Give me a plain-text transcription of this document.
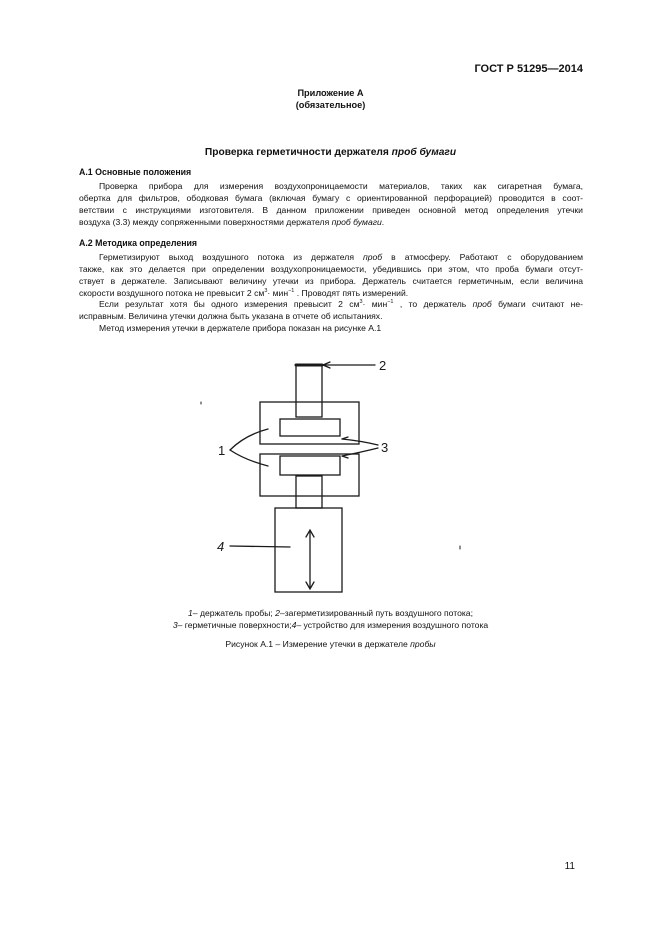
ГОСТ Р 51295—2014
Приложение А
(обязательное)
Проверка герметичности держателя проб бумаги
А.1 Основные положения
Проверка прибора для измерения воздухопроницаемости материалов, таких как сигаретная бумага,
обертка для фильтров, ободковая бумага (включая бумагу с ориентированной перфорацией) проводится в соот-
ветствии с инструкциями изготовителя. В данном приложении приведен основной метод определения утечки
воздуха (3.3) между сопряженными поверхностями держателя проб бумаги.
А.2 Методика определения
Герметизируют выход воздушного потока из держателя проб в атмосферу. Работают с оборудованием
также, как это делается при определении воздухопроницаемости, убедившись при этом, что проба бумаги отсут-
ствует в держателе. Записывают величину утечки из прибора. Держатель считается герметичным, если величина
скорости воздушного потока не превысит 2 $см^3\cdot мин^{-1}$ . Проводят пять измерений.
Если результат хотя бы одного измерения превысит 2 $см^3\cdot мин^{-1}$ , то держатель проб бумаги считают не-
исправным. Величина утечки должна быть указана в отчете об испытаниях.
Метод измерения утечки в держателе прибора показан на рисунке А.1
2
1	3
4
1– держатель пробы; 2–загерметизированный путь воздушного потока;
3– герметичные поверхности;4– устройство для измерения воздушного потока
Рисунок А.1 – Измерение утечки в держателе пробы
11
